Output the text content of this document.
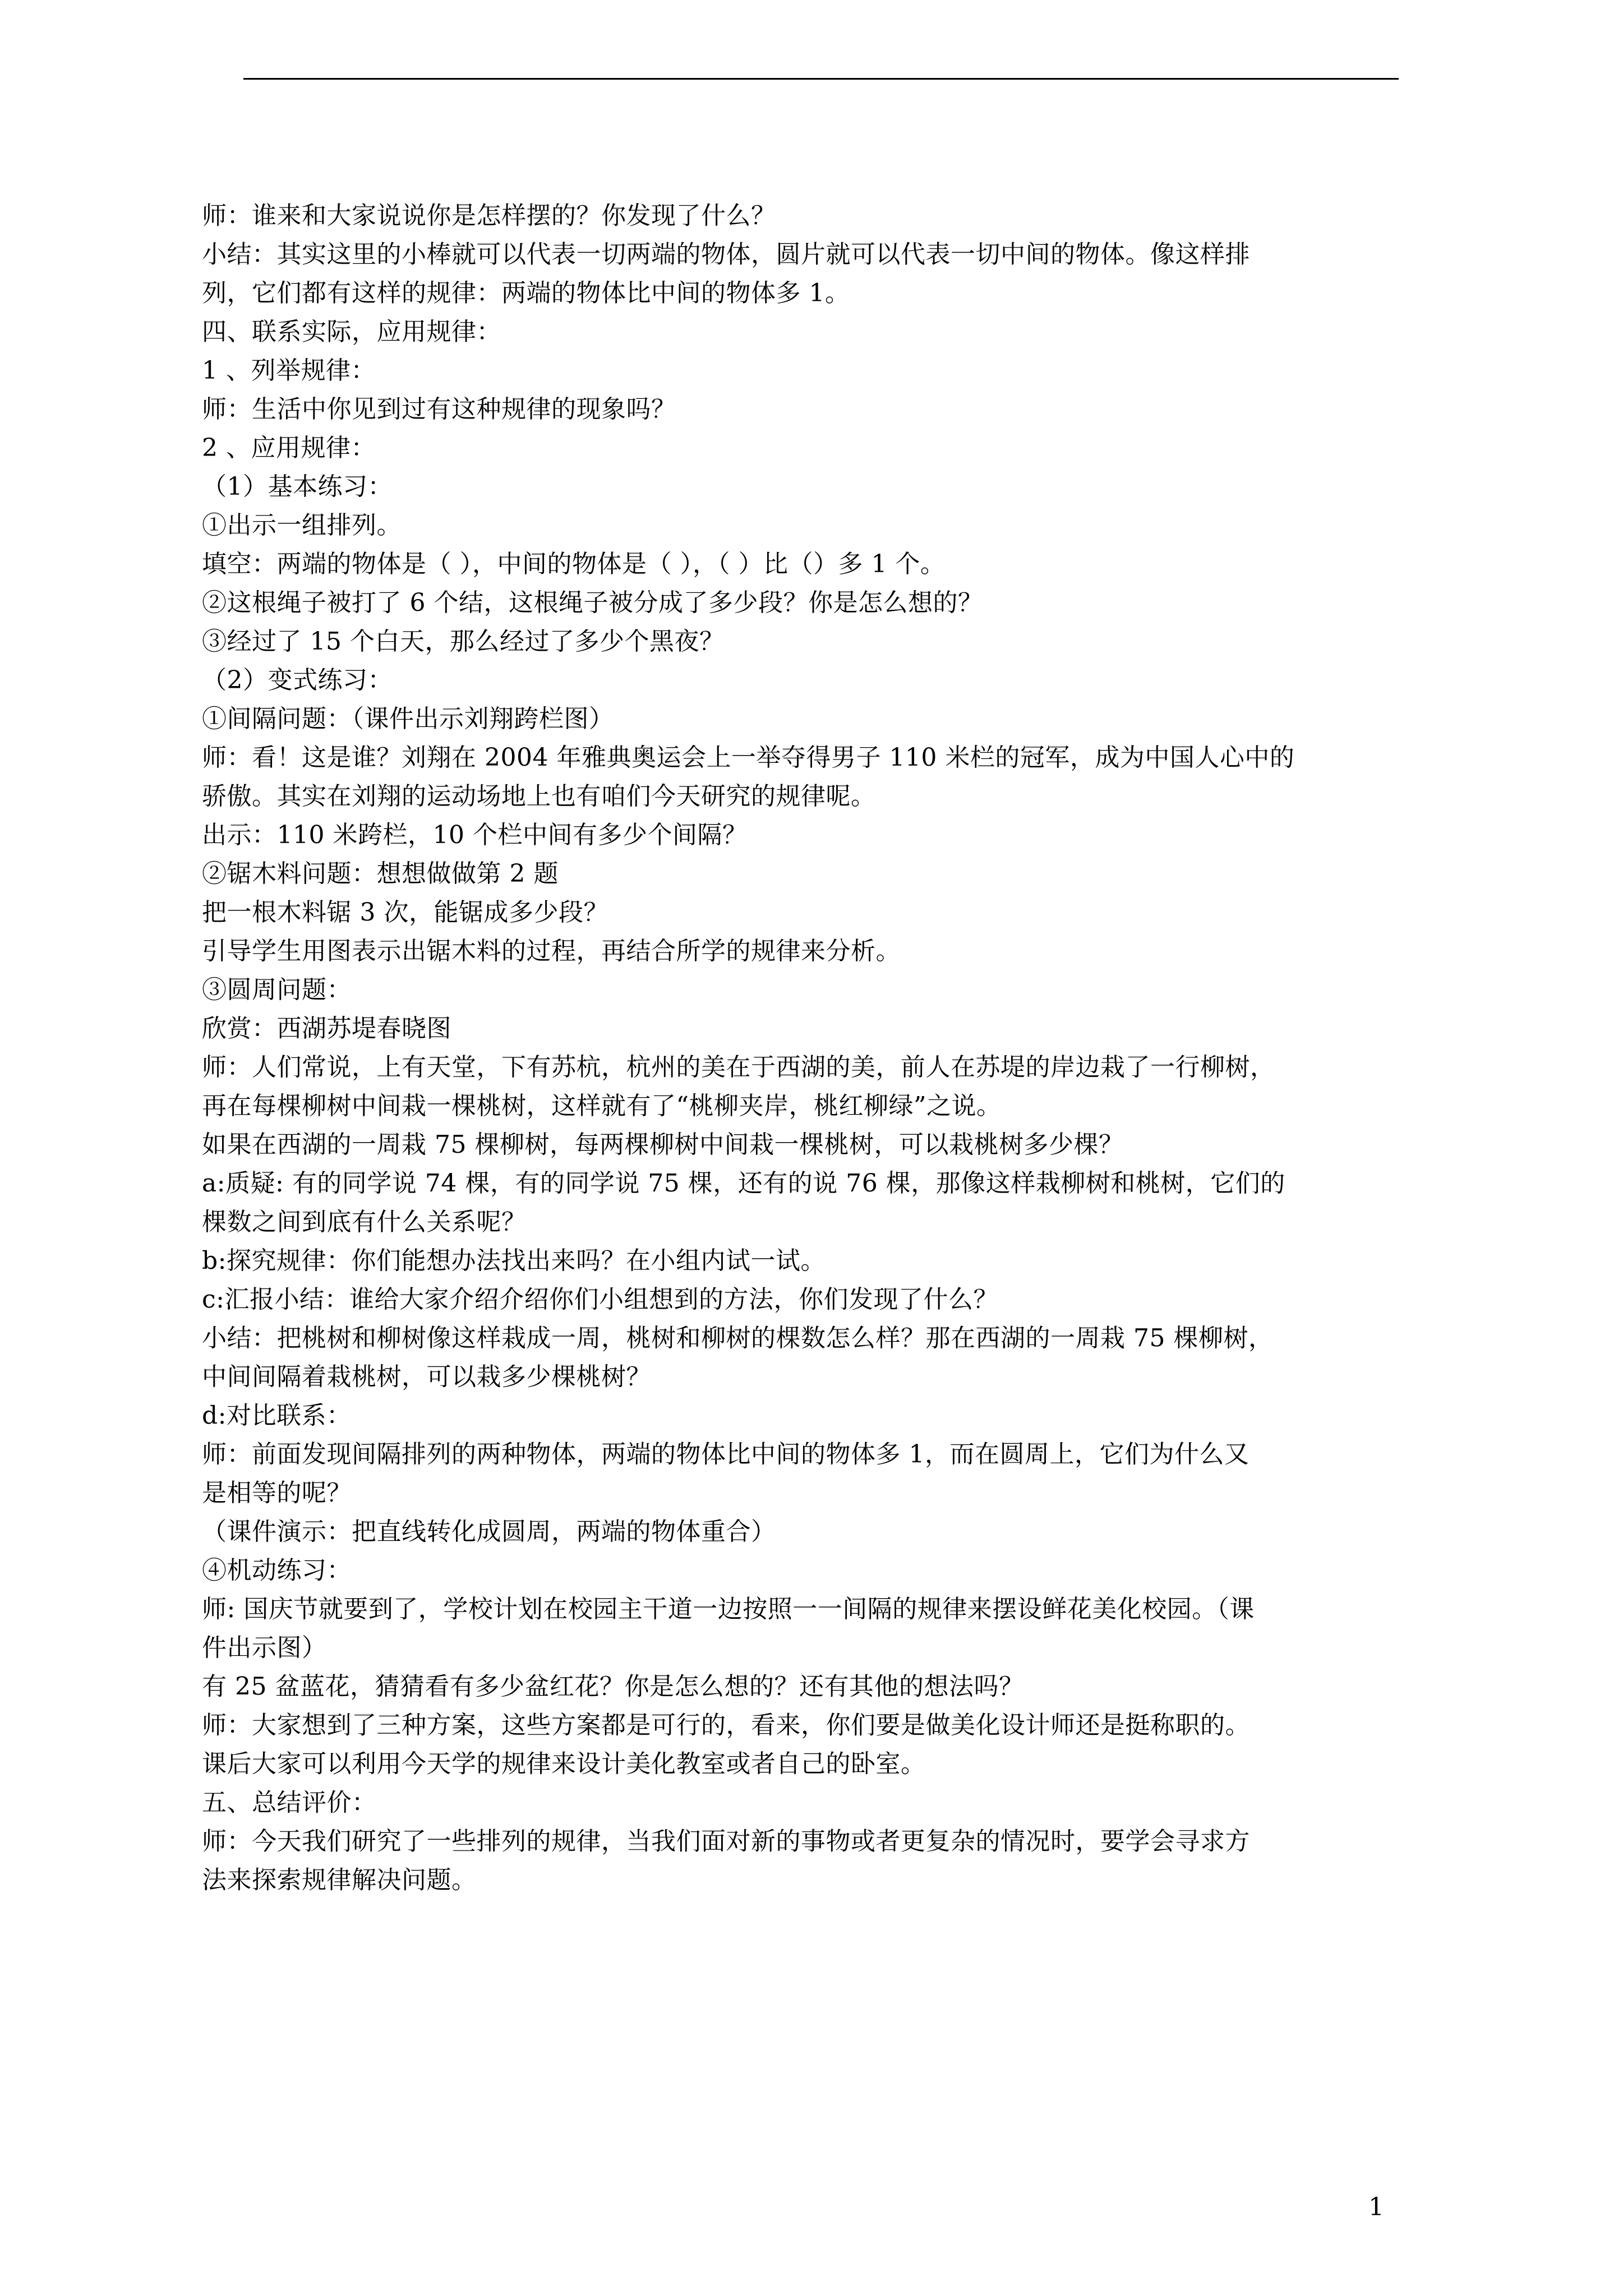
师：谁来和大家说说你是怎样摆的？你发现了什么？
小结：其实这里的小棒就可以代表一切两端的物体，圆片就可以代表一切中间的物体。像这样排
列，它们都有这样的规律：两端的物体比中间的物体多 1。
四、联系实际，应用规律：
1 、列举规律：
师：生活中你见到过有这种规律的现象吗？
2 、应用规律：
（1）基本练习：
①出示一组排列。
填空：两端的物体是（ ），中间的物体是（ ），（ ）比（）多 1 个。
②这根绳子被打了 6 个结，这根绳子被分成了多少段？你是怎么想的？
③经过了 15 个白天，那么经过了多少个黑夜？
（2）变式练习：
①间隔问题：（课件出示刘翔跨栏图）
师：看！这是谁？刘翔在 2004 年雅典奥运会上一举夺得男子 110 米栏的冠军，成为中国人心中的
骄傲。其实在刘翔的运动场地上也有咱们今天研究的规律呢。
出示：110 米跨栏，10 个栏中间有多少个间隔？
②锯木料问题：想想做做第 2 题
把一根木料锯 3 次，能锯成多少段？
引导学生用图表示出锯木料的过程，再结合所学的规律来分析。
③圆周问题：
欣赏：西湖苏堤春晓图
师：人们常说，上有天堂，下有苏杭，杭州的美在于西湖的美，前人在苏堤的岸边栽了一行柳树，
再在每棵柳树中间栽一棵桃树，这样就有了“桃柳夹岸，桃红柳绿”之说。
如果在西湖的一周栽 75 棵柳树，每两棵柳树中间栽一棵桃树，可以栽桃树多少棵？
a:质疑: 有的同学说 74 棵，有的同学说 75 棵，还有的说 76 棵，那像这样栽柳树和桃树，它们的
棵数之间到底有什么关系呢？
b:探究规律：你们能想办法找出来吗？在小组内试一试。
c:汇报小结：谁给大家介绍介绍你们小组想到的方法，你们发现了什么？
小结：把桃树和柳树像这样栽成一周，桃树和柳树的棵数怎么样？那在西湖的一周栽 75 棵柳树，
中间间隔着栽桃树，可以栽多少棵桃树？
d:对比联系：
师：前面发现间隔排列的两种物体，两端的物体比中间的物体多 1，而在圆周上，它们为什么又
是相等的呢？
（课件演示：把直线转化成圆周，两端的物体重合）
④机动练习：
师: 国庆节就要到了，学校计划在校园主干道一边按照一一间隔的规律来摆设鲜花美化校园。（课
件出示图）
有 25 盆蓝花，猜猜看有多少盆红花？你是怎么想的？还有其他的想法吗？
师：大家想到了三种方案，这些方案都是可行的，看来，你们要是做美化设计师还是挺称职的。
课后大家可以利用今天学的规律来设计美化教室或者自己的卧室。
五、总结评价：
师：今天我们研究了一些排列的规律，当我们面对新的事物或者更复杂的情况时，要学会寻求方
法来探索规律解决问题。
1
